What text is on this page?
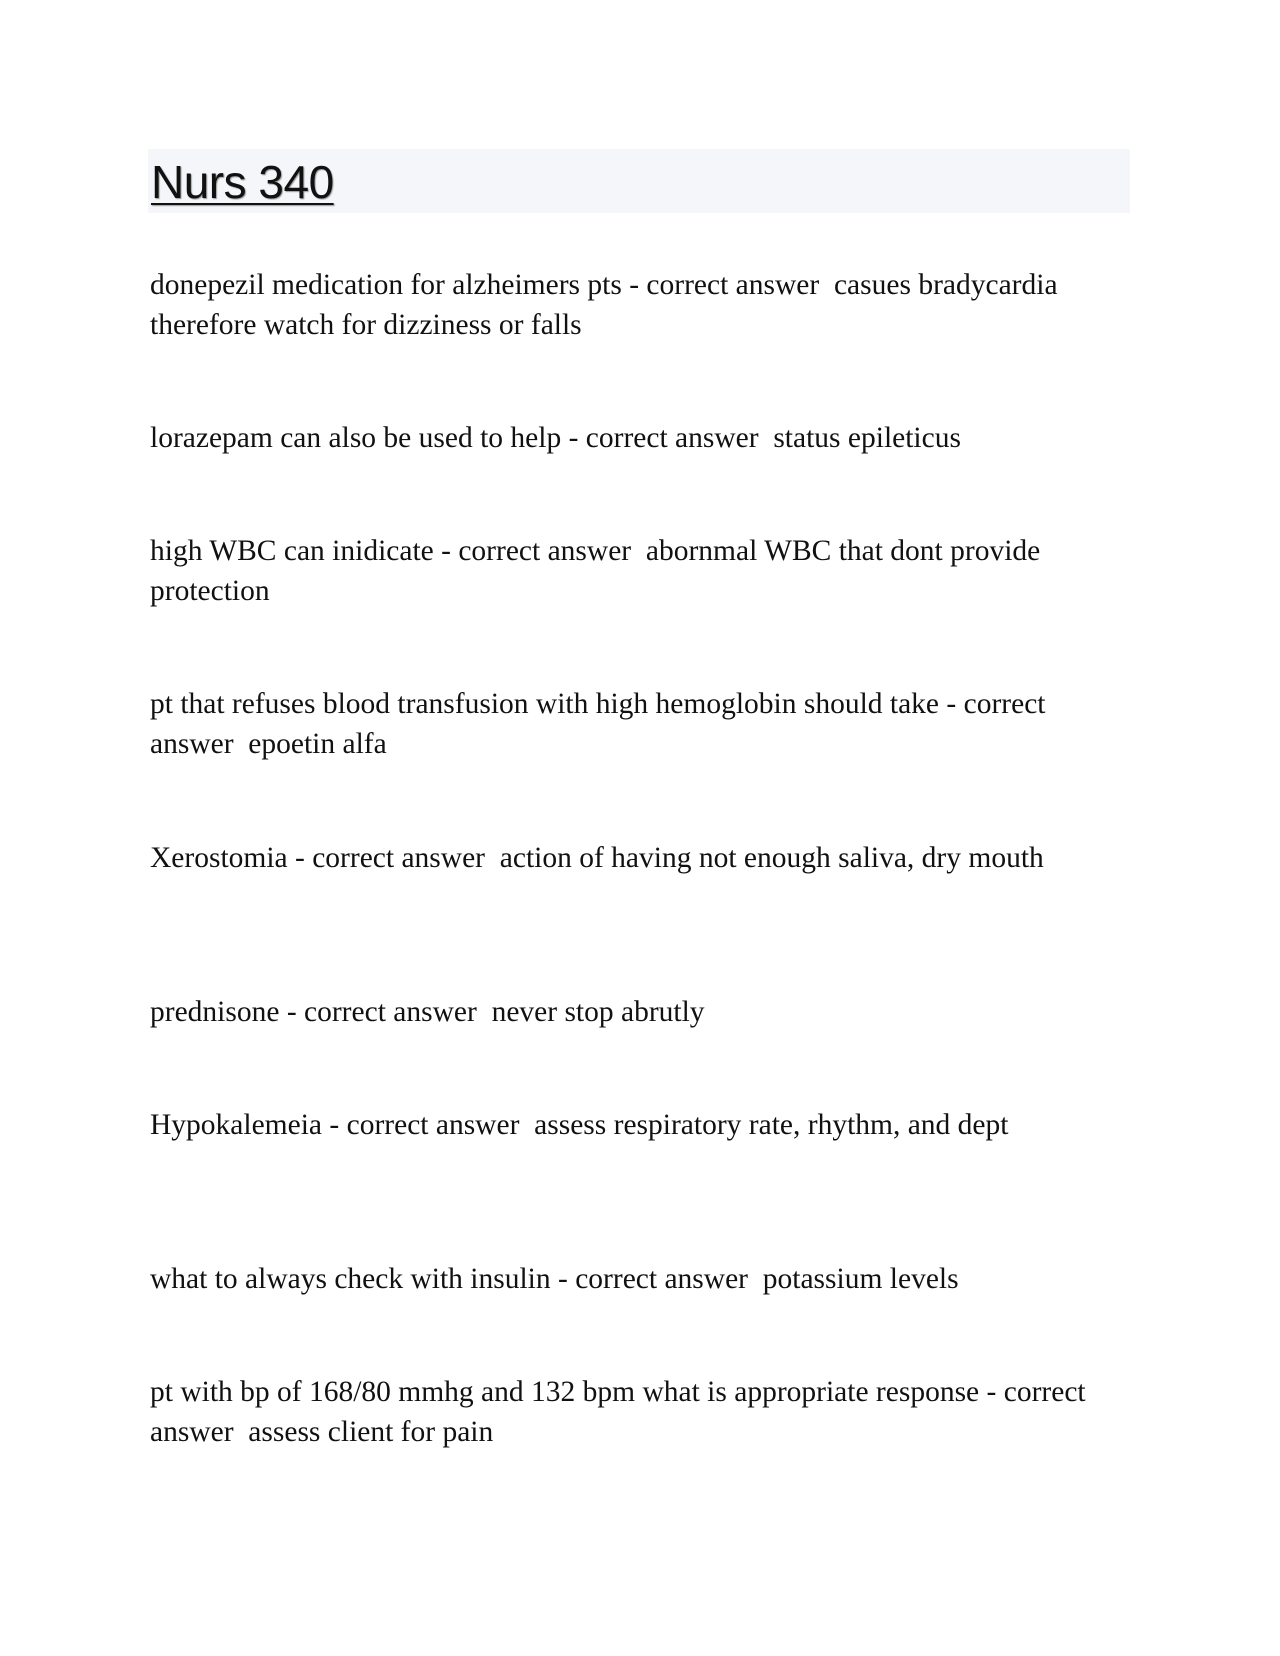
Nurs 340
donepezil medication for alzheimers pts - correct answer  casues bradycardia therefore watch for dizziness or falls
lorazepam can also be used to help - correct answer  status epileticus
high WBC can inidicate - correct answer  abornmal WBC that dont provide protection
pt that refuses blood transfusion with high hemoglobin should take - correct answer  epoetin alfa
Xerostomia - correct answer  action of having not enough saliva, dry mouth
prednisone - correct answer  never stop abrutly
Hypokalemeia - correct answer  assess respiratory rate, rhythm, and dept
what to always check with insulin - correct answer  potassium levels
pt with bp of 168/80 mmhg and 132 bpm what is appropriate response - correct answer  assess client for pain
